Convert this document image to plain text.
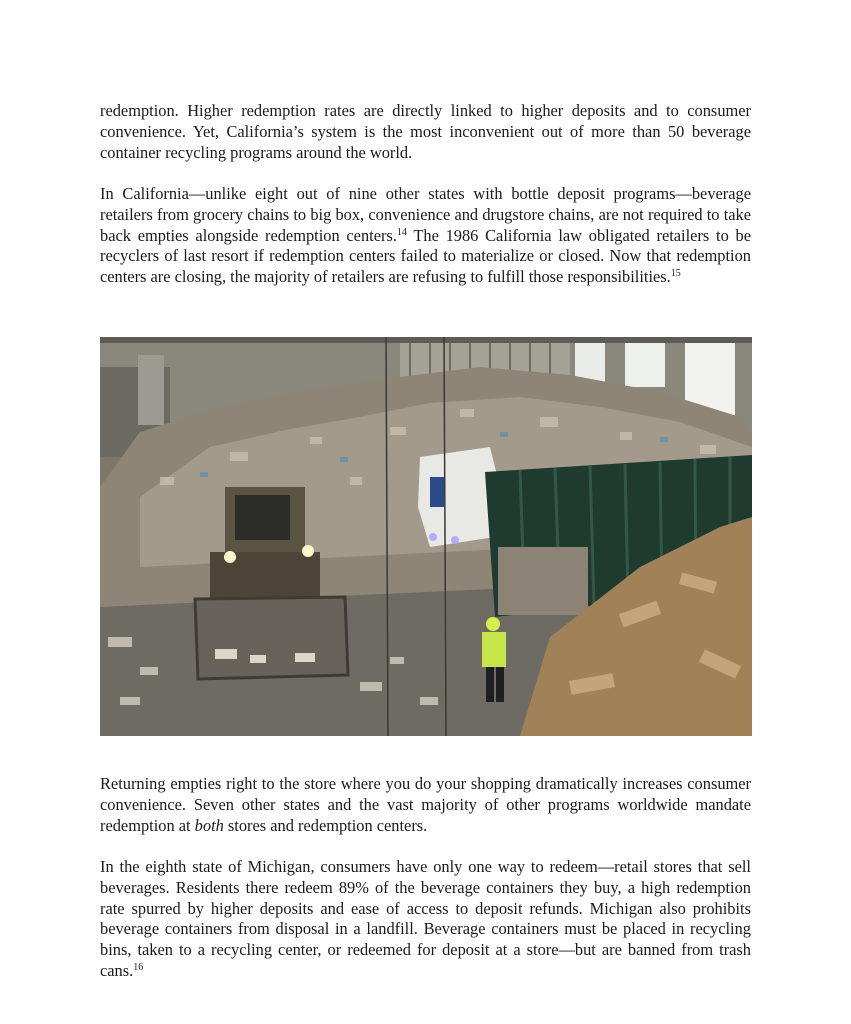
redemption. Higher redemption rates are directly linked to higher deposits and to consumer convenience. Yet, California’s system is the most inconvenient out of more than 50 beverage container recycling programs around the world.

In California—unlike eight out of nine other states with bottle deposit programs—beverage retailers from grocery chains to big box, convenience and drugstore chains, are not required to take back empties alongside redemption centers.$^{14}$ The 1986 California law obligated retailers to be recyclers of last resort if redemption centers failed to materialize or closed. Now that redemption centers are closing, the majority of retailers are refusing to fulfill those responsibilities.$^{15}$

Returning empties right to the store where you do your shopping dramatically increases consumer convenience. Seven other states and the vast majority of other programs worldwide mandate redemption at both stores and redemption centers.

In the eighth state of Michigan, consumers have only one way to redeem—retail stores that sell beverages. Residents there redeem 89% of the beverage containers they buy, a high redemption rate spurred by higher deposits and ease of access to deposit refunds. Michigan also prohibits beverage containers from disposal in a landfill. Beverage containers must be placed in recycling bins, taken to a recycling center, or redeemed for deposit at a store—but are banned from trash cans.$^{16}$
